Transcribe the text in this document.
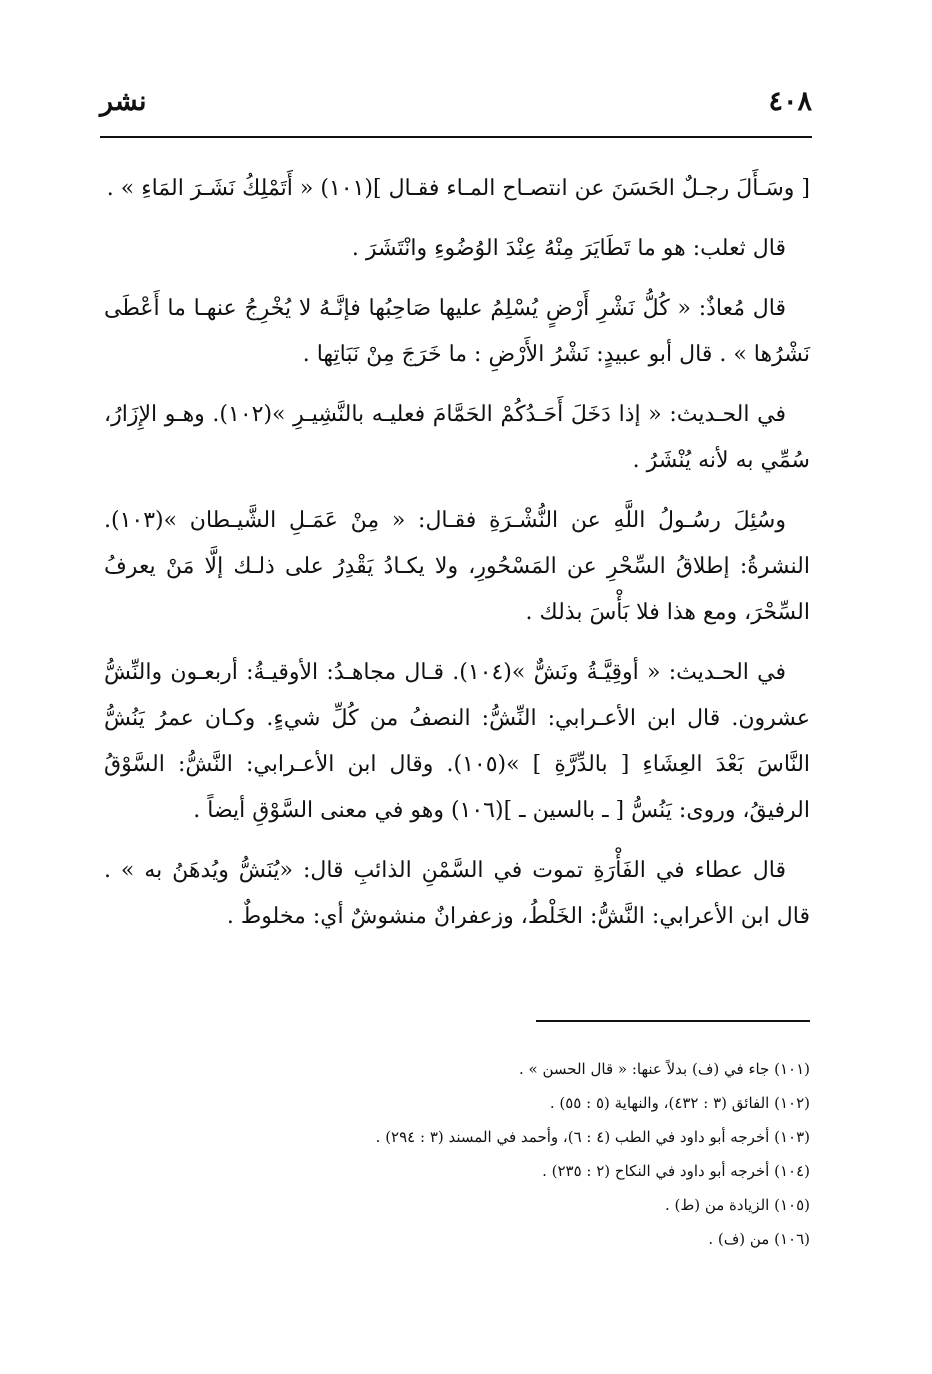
٤٠٨
نشر

[ وسَـأَلَ رجـلٌ الحَسَنَ عن انتصـاح المـاء فقـال ](١٠١) « أَتَمْلِكُ نَشَـرَ المَاءِ » .

قال ثعلب: هو ما تَطَايَرَ مِنْهُ عِنْدَ الوُضُوءِ وانْتَشَرَ .

قال مُعاذٌ: « كُلُّ نَشْرِ أَرْضٍ يُسْلِمُ عليها صَاحِبُها فإنَّـهُ لا يُخْرِجُ عنهـا ما أَعْطَى نَشْرُها » . قال أبو عبيدٍ: نَشْرُ الأَرْضِ : ما خَرَجَ مِنْ نَبَاتِها .

في الحـديث: « إذا دَخَلَ أَحَـدُكُمْ الحَمَّامَ فعليـه بالنَّشِيـرِ »(١٠٢). وهـو الإِزَارُ، سُمِّي به لأنه يُنْشَرُ .

وسُئِلَ رسُـولُ اللَّهِ عن النُّشْـرَةِ فقـال: « مِنْ عَمَـلِ الشَّيـطان »(١٠٣). النشرةُ: إطلاقُ السِّحْرِ عن المَسْحُورِ، ولا يكـادُ يَقْدِرُ على ذلـك إلَّا مَنْ يعرفُ السِّحْرَ، ومع هذا فلا بَأْسَ بذلك .

في الحـديث: « أوقِيَّـةُ ونَشٌّ »(١٠٤). قـال مجاهـدُ: الأوقيـةُ: أربعـون والنِّشُّ عشرون. قال ابن الأعـرابي: النِّشُّ: النصفُ من كُلِّ شيءٍ. وكـان عمرُ يَنُشُّ النَّاسَ بَعْدَ العِشَاءِ [ بالدِّرَّةِ ] »(١٠٥). وقال ابن الأعـرابي: النَّشُّ: السَّوْقُ الرفيقُ، وروى: يَنُسُّ [ ـ بالسين ـ ](١٠٦) وهو في معنى السَّوْقِ أيضاً .

قال عطاء في الفَأْرَةِ تموت في السَّمْنِ الذائبِ قال: «يُنَشُّ ويُدهَنُ به » . قال ابن الأعرابي: النَّشُّ: الخَلْطُ، وزعفرانٌ منشوشٌ أي: مخلوطٌ .

(١٠١) جاء في (ف) بدلاً عنها: « قال الحسن » .
(١٠٢) الفائق (٣ : ٤٣٢)، والنهاية (٥ : ٥٥) .
(١٠٣) أخرجه أبو داود في الطب (٤ : ٦)، وأحمد في المسند (٣ : ٢٩٤) .
(١٠٤) أخرجه أبو داود في النكاح (٢ : ٢٣٥) .
(١٠٥) الزيادة من (ط) .
(١٠٦) من (ف) .
